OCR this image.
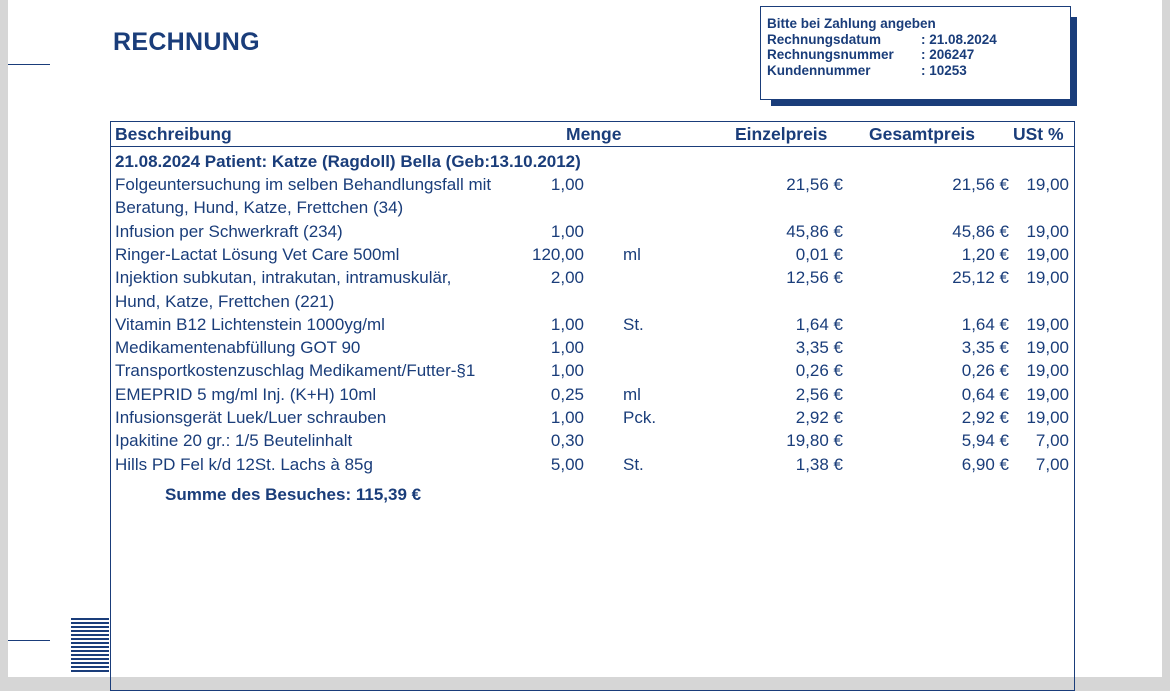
RECHNUNG
Bitte bei Zahlung angeben
Rechnungsdatum	: 21.08.2024
Rechnungsnummer : 206247
Kundennummer	: 10253
Beschreibung	Menge	Einzelpreis Gesamtpreis USt %
21.08.2024 Patient: Katze (Ragdoll) Bella (Geb:13.10.2012)
Folgeuntersuchung im selben Behandlungsfall mit	1,00	21,56 €	21,56 € 19,00
Beratung, Hund, Katze, Frettchen (34)
Infusion per Schwerkraft (234)	1,00	45,86 €	45,86 € 19,00
Ringer-Lactat Lösung Vet Care 500ml	120,00 ml	0,01 €	1,20 € 19,00
Injektion subkutan, intrakutan, intramuskulär,	2,00	12,56 €	25,12 € 19,00
Hund, Katze, Frettchen (221)
Vitamin B12 Lichtenstein 1000yg/ml	1,00 St.	1,64 €	1,64 € 19,00
Medikamentenabfüllung GOT 90	1,00	3,35 €	3,35 € 19,00
Transportkostenzuschlag Medikament/Futter-§1	1,00	0,26 €	0,26 € 19,00
EMEPRID 5 mg/ml Inj. (K+H) 10ml	0,25 ml	2,56 €	0,64 € 19,00
Infusionsgerät Luek/Luer schrauben	1,00 Pck.	2,92 €	2,92 € 19,00
Ipakitine 20 gr.: 1/5 Beutelinhalt	0,30	19,80 €	5,94 € 7,00
Hills PD Fel k/d 12St. Lachs à 85g	5,00 St.	1,38 €	6,90 € 7,00
Summe des Besuches: 115,39 €
